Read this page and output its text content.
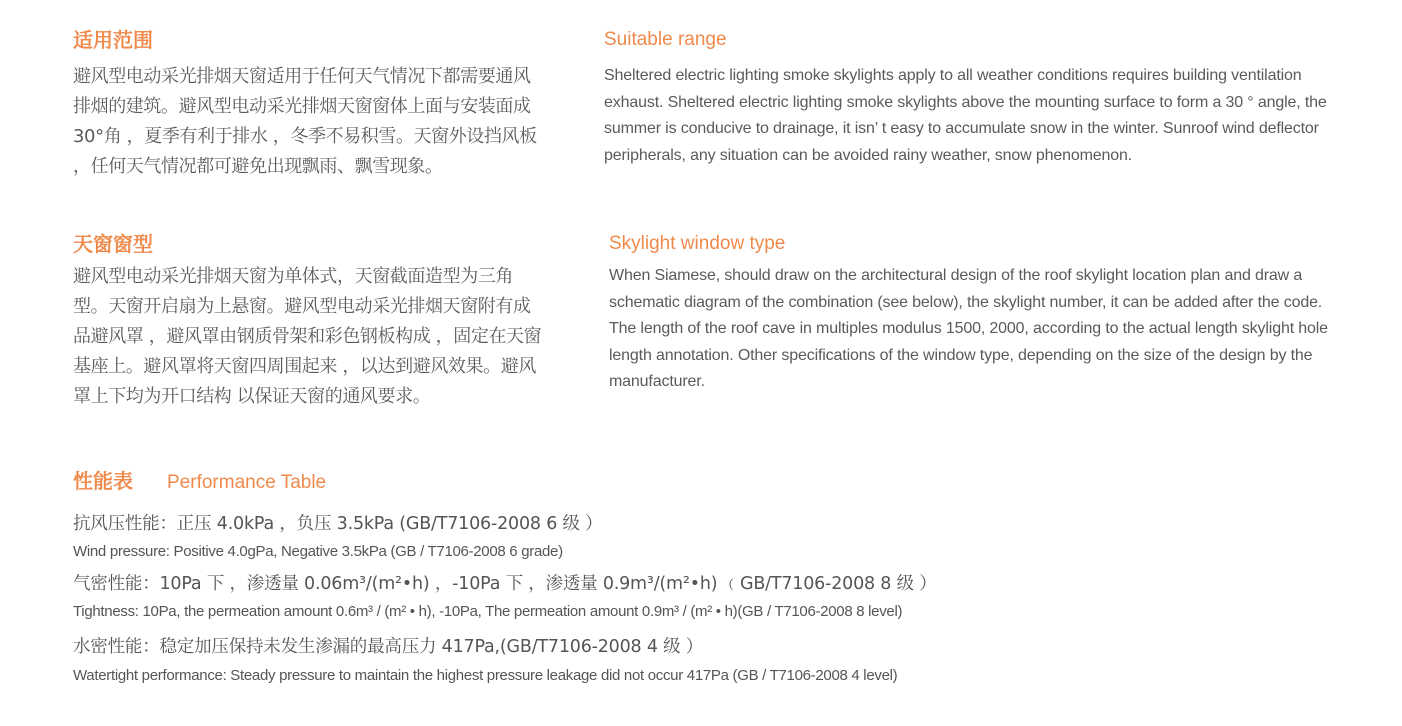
适用范围
避风型电动采光排烟天窗适用于任何天气情况下都需要通风排烟的建筑。避风型电动采光排烟天窗窗体上面与安装面成 30°角 ，夏季有利于排水 ，冬季不易积雪。天窗外设挡风板 ，任何天气情况都可避免出现飘雨、飘雪现象。
Suitable range
Sheltered electric lighting smoke skylights apply to all weather conditions requires building ventilation exhaust. Sheltered electric lighting smoke skylights above the mounting surface to form a 30 ° angle, the summer is conducive to drainage, it isn’ t easy to accumulate snow in the winter. Sunroof wind deflector peripherals, any situation can be avoided rainy weather, snow phenomenon.
天窗窗型
避风型电动采光排烟天窗为单体式，天窗截面造型为三角型。天窗开启扇为上悬窗。避风型电动采光排烟天窗附有成品避风罩 ，避风罩由钢质骨架和彩色钢板构成 ，固定在天窗基座上。避风罩将天窗四周围起来 ，以达到避风效果。避风罩上下均为开口结构 以保证天窗的通风要求。
Skylight window type
When Siamese, should draw on the architectural design of the roof skylight location plan and draw a schematic diagram of the combination (see below), the skylight number, it can be added after the code. The length of the roof cave in multiples modulus 1500, 2000, according to the actual length skylight hole length annotation. Other specifications of the window type, depending on the size of the design by the manufacturer.
性能表 Performance Table
抗风压性能：正压 4.0kPa ，负压 3.5kPa (GB/T7106-2008 6 级 ）
Wind pressure: Positive 4.0gPa, Negative 3.5kPa (GB / T7106-2008 6 grade)
气密性能：10Pa 下 ，渗透量 0.06m³/(m²•h) ，-10Pa 下 ，渗透量 0.9m³/(m²•h) ﹙GB/T7106-2008 8 级 ）
Tightness: 10Pa, the permeation amount 0.6m³ / (m² • h), -10Pa, The permeation amount 0.9m³ / (m² • h)(GB / T7106-2008 8 level)
水密性能：稳定加压保持未发生渗漏的最高压力 417Pa,(GB/T7106-2008 4 级 ）
Watertight performance: Steady pressure to maintain the highest pressure leakage did not occur 417Pa (GB / T7106-2008 4 level)
